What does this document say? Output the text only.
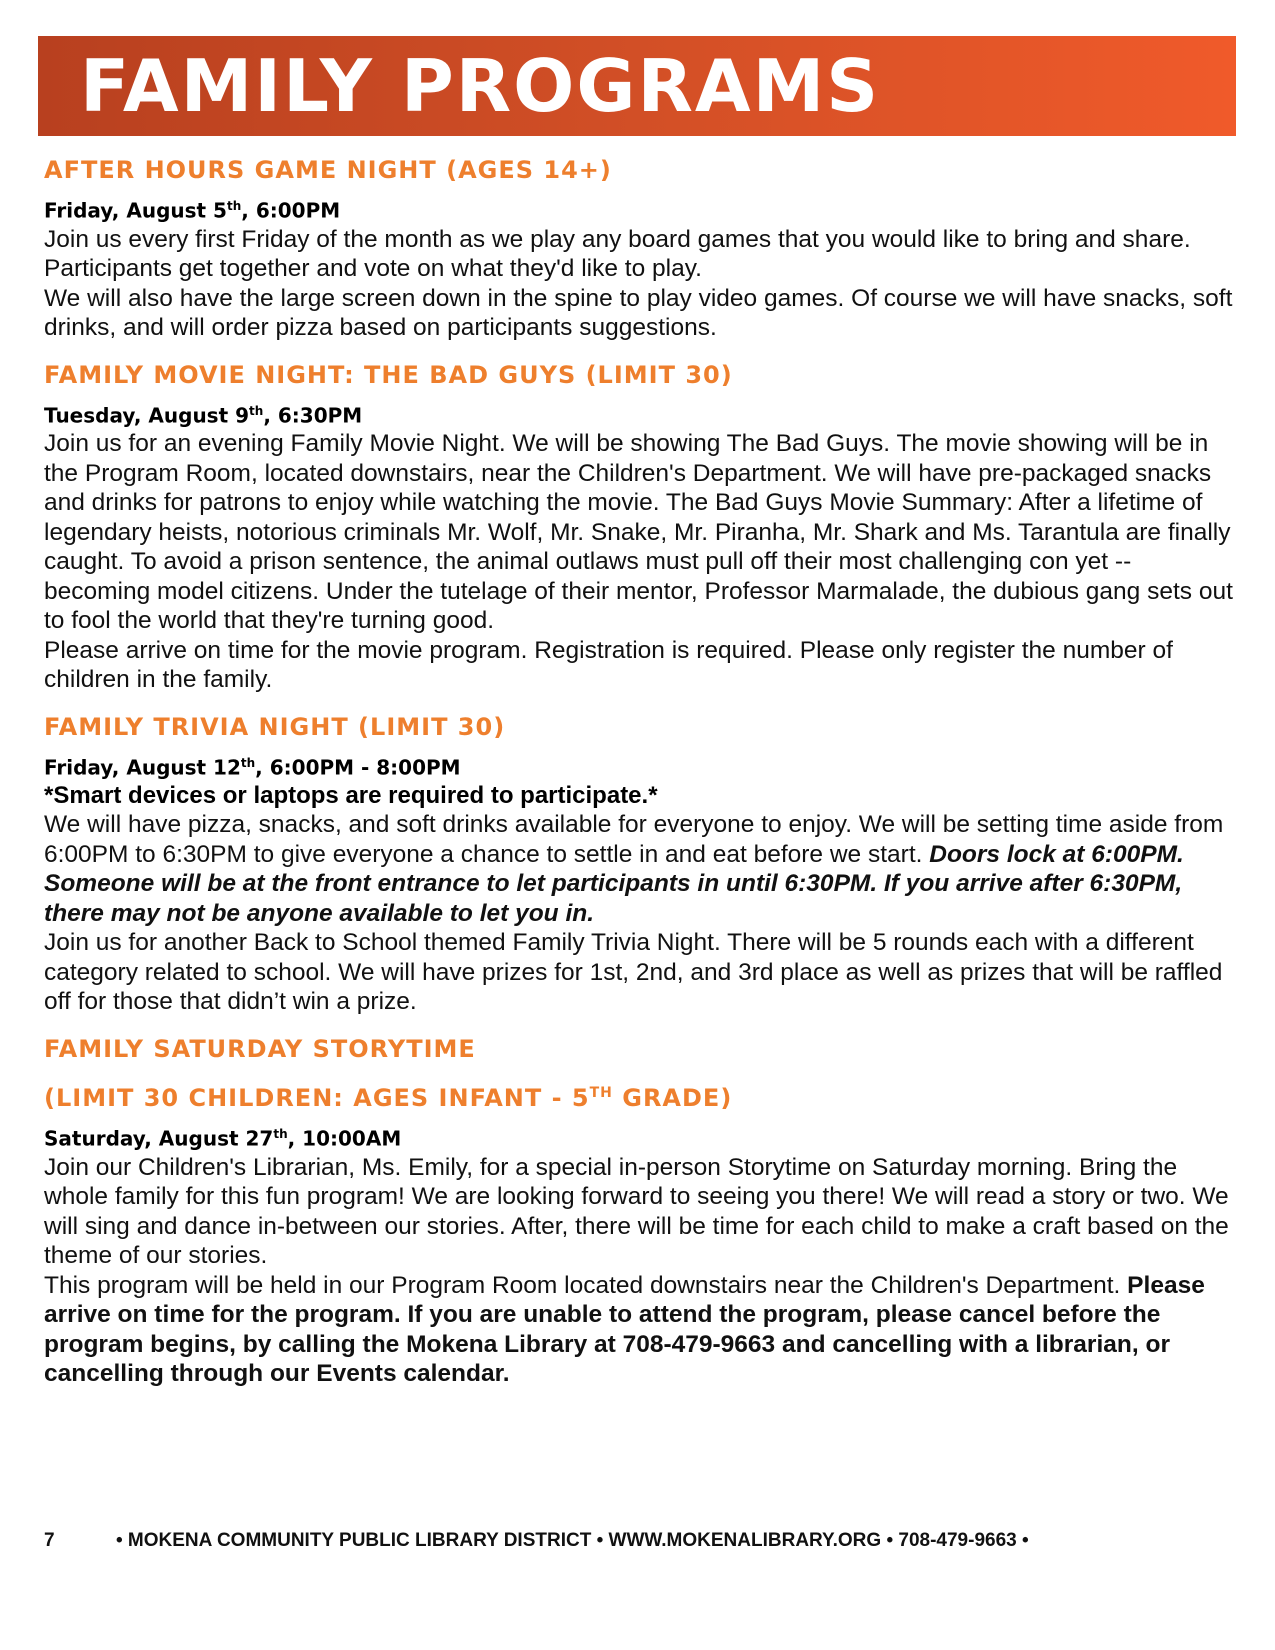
FAMILY PROGRAMS
AFTER HOURS GAME NIGHT (AGES 14+)
Friday, August 5th, 6:00PM

Join us every first Friday of the month as we play any board games that you would like to bring and share. Participants get together and vote on what they'd like to play.

We will also have the large screen down in the spine to play video games. Of course we will have snacks, soft drinks, and will order pizza based on participants suggestions.

FAMILY MOVIE NIGHT: THE BAD GUYS (LIMIT 30)
Tuesday, August 9th, 6:30PM

Join us for an evening Family Movie Night. We will be showing The Bad Guys. The movie showing will be in the Program Room, located downstairs, near the Children's Department. We will have pre-packaged snacks and drinks for patrons to enjoy while watching the movie. The Bad Guys Movie Summary: After a lifetime of legendary heists, notorious criminals Mr. Wolf, Mr. Snake, Mr. Piranha, Mr. Shark and Ms. Tarantula are finally caught. To avoid a prison sentence, the animal outlaws must pull off their most challenging con yet -- becoming model citizens. Under the tutelage of their mentor, Professor Marmalade, the dubious gang sets out to fool the world that they're turning good.

Please arrive on time for the movie program. Registration is required. Please only register the number of children in the family.

FAMILY TRIVIA NIGHT (LIMIT 30)
Friday, August 12th, 6:00PM - 8:00PM
*Smart devices or laptops are required to participate.*

We will have pizza, snacks, and soft drinks available for everyone to enjoy. We will be setting time aside from 6:00PM to 6:30PM to give everyone a chance to settle in and eat before we start. Doors lock at 6:00PM. Someone will be at the front entrance to let participants in until 6:30PM. If you arrive after 6:30PM, there may not be anyone available to let you in.

Join us for another Back to School themed Family Trivia Night. There will be 5 rounds each with a different category related to school. We will have prizes for 1st, 2nd, and 3rd place as well as prizes that will be raffled off for those that didn’t win a prize.

FAMILY SATURDAY STORYTIME
(LIMIT 30 CHILDREN: AGES INFANT - 5TH GRADE)
Saturday, August 27th, 10:00AM

Join our Children's Librarian, Ms. Emily, for a special in-person Storytime on Saturday morning. Bring the whole family for this fun program! We are looking forward to seeing you there! We will read a story or two. We will sing and dance in-between our stories. After, there will be time for each child to make a craft based on the theme of our stories.

This program will be held in our Program Room located downstairs near the Children's Department. Please arrive on time for the program. If you are unable to attend the program, please cancel before the program begins, by calling the Mokena Library at 708-479-9663 and cancelling with a librarian, or cancelling through our Events calendar.

7	• MOKENA COMMUNITY PUBLIC LIBRARY DISTRICT • WWW.MOKENALIBRARY.ORG • 708-479-9663 •
